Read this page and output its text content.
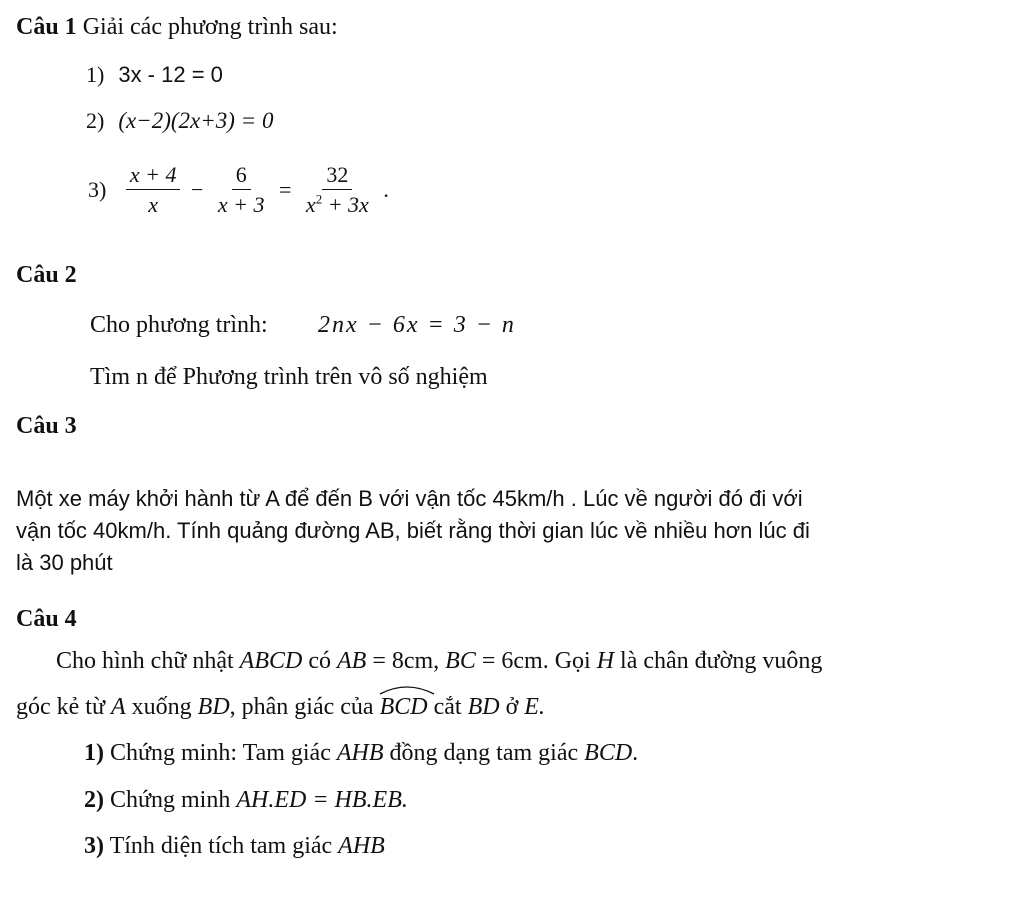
Câu 1 Giải các phương trình sau:
1) 3x - 12 = 0
2) (x−2)(2x+3) = 0
$3) \frac{x + 4}{x} - \frac{6}{x + 3} = \frac{32}{x^2 + 3x}$ .
Câu 2
Cho phương trình: 2nx − 6x = 3 − n
Tìm n để Phương trình trên vô số nghiệm
Câu 3
Một xe máy khởi hành từ A để đến B với vận tốc 45km/h . Lúc về người đó đi với
vận tốc 40km/h. Tính quảng đường AB, biết rằng thời gian lúc về nhiều hơn lúc đi
là 30 phút
Câu 4
Cho hình chữ nhật ABCD có AB = 8cm, BC = 6cm. Gọi H là chân đường vuông
góc kẻ từ A xuống BD, phân giác của
BCD cắt BD ở E.
1) Chứng minh: Tam giác AHB đồng dạng tam giác BCD.
2) Chứng minh AH.ED = HB.EB.
3) Tính diện tích tam giác AHB
